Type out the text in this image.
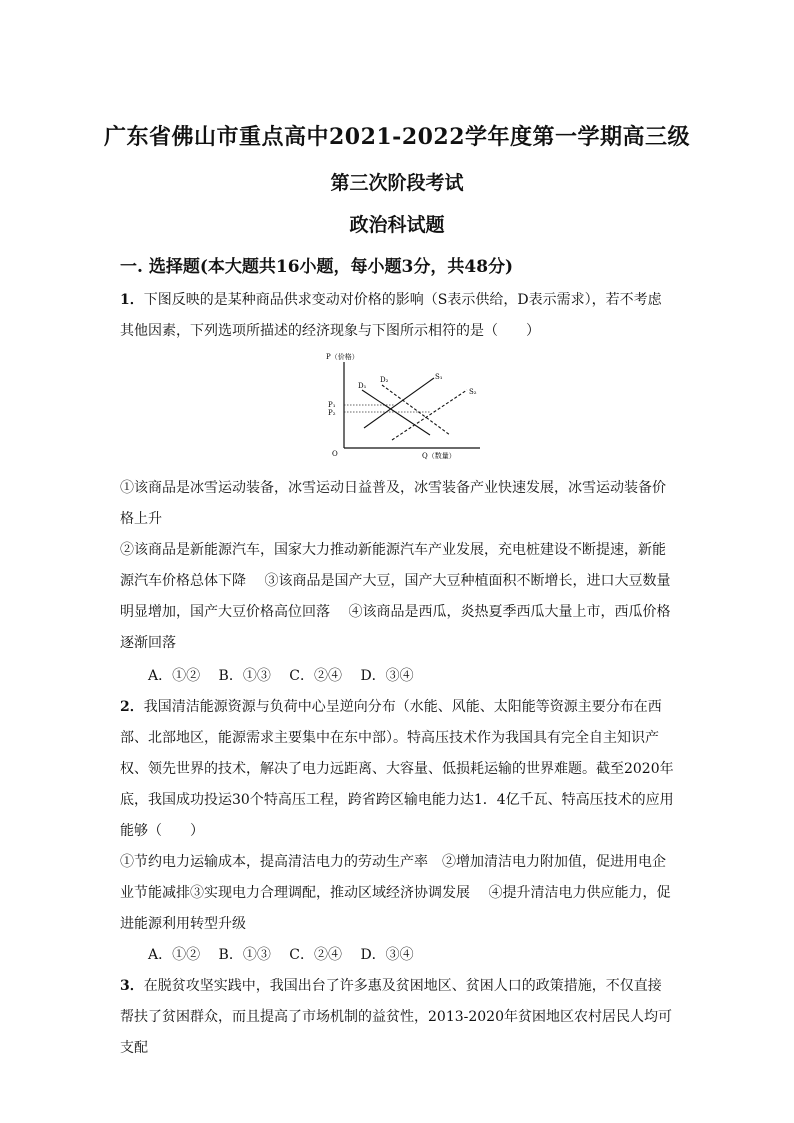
广东省佛山市重点高中2021-2022学年度第一学期高三级
第三次阶段考试
政治科试题
一. 选择题(本大题共16小题，每小题3分，共48分)
1．下图反映的是某种商品供求变动对价格的影响（S表示供给，D表示需求），若不考虑其他因素，下列选项所描述的经济现象与下图所示相符的是（　　）
P（价格）
Q（数量）
O
P₁
P₂
D₁
D₂	S₁
S₂
①该商品是冰雪运动装备，冰雪运动日益普及，冰雪装备产业快速发展，冰雪运动装备价格上升
②该商品是新能源汽车，国家大力推动新能源汽车产业发展，充电桩建设不断提速，新能源汽车价格总体下降　 ③该商品是国产大豆，国产大豆种植面积不断增长，进口大豆数量明显增加，国产大豆价格高位回落　 ④该商品是西瓜，炎热夏季西瓜大量上市，西瓜价格逐渐回落
A．①②　 B．①③　 C．②④　 D．③④
2．我国清洁能源资源与负荷中心呈逆向分布（水能、风能、太阳能等资源主要分布在西部、北部地区，能源需求主要集中在东中部）。特高压技术作为我国具有完全自主知识产权、领先世界的技术，解决了电力远距离、大容量、低损耗运输的世界难题。截至2020年底，我国成功投运30个特高压工程，跨省跨区输电能力达1．4亿千瓦、特高压技术的应用能够（　　）
①节约电力运输成本，提高清洁电力的劳动生产率　②增加清洁电力附加值，促进用电企业节能减排③实现电力合理调配，推动区域经济协调发展　 ④提升清洁电力供应能力，促进能源利用转型升级
A．①②　 B．①③　 C．②④　 D．③④
3．在脱贫攻坚实践中，我国出台了许多惠及贫困地区、贫困人口的政策措施，不仅直接帮扶了贫困群众，而且提高了市场机制的益贫性，2013-2020年贫困地区农村居民人均可支配
